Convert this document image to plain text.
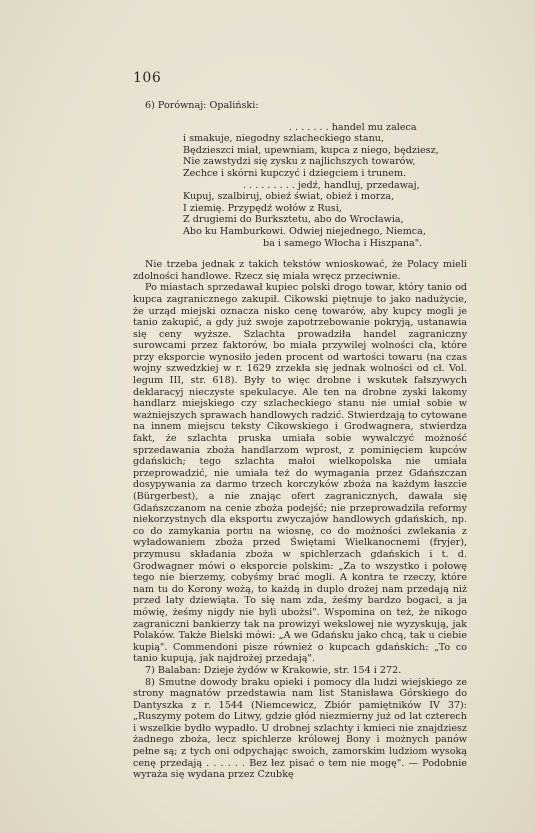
106

6) Porównaj: Opaliński:

. . . . . . . handel mu zaleca
i smakuje, niegodny szlacheckiego stanu,
Będzieszci miał, upewniam, kupca z niego, będziesz,
Nie zawstydzi się zysku z najlichszych towarów,
Zechce i skórni kupczyć i dziegciem i trunem.
. . . . . . . . . jedź, handluj, przedawaj,
Kupuj, szalbiruj, obieź świat, obieź i morza,
I ziemię. Przypędź wołów z Rusi,
Z drugiemi do Burksztetu, abo do Wrocławia,
Abo ku Hamburkowi. Odwiej niejednego, Niemca,
ba i samego Włocha i Hiszpana".

Nie trzeba jednak z takich tekstów wnioskować, że Polacy mieli zdolności handlowe. Rzecz się miała wręcz przeciwnie.

Po miastach sprzedawał kupiec polski drogo towar, który tanio od kupca zagranicznego zakupił. Cikowski piętnuje to jako nadużycie, że urząd miejski oznacza nisko cenę towarów, aby kupcy mogli je tanio zakupić, a gdy już swoje zapotrzebowanie pokryją, ustanawia się ceny wyższe. Szlachta prowadziła handel zagraniczny surowcami przez faktorów, bo miała przywilej wolności cła, które przy eksporcie wynosiło jeden procent od wartości towaru (na czas wojny szwedzkiej w r. 1629 zrzekła się jednak wolności od cł. Vol. legum III, str. 618). Były to więc drobne i wskutek fałszywych deklaracyj nieczyste spekulacye. Ale ten na drobne zyski łakomy handlarz miejskiego czy szlacheckiego stanu nie umiał sobie w ważniejszych sprawach handlowych radzić. Stwierdzają to cytowane na innem miejscu teksty Cikowskiego i Grodwagnera, stwierdza fakt, że szlachta pruska umiała sobie wywalczyć możność sprzedawania zboża handlarzom wprost, z pominięciem kupców gdańskich; tego szlachta małoi wielkopolska nie umiała przeprowadzić, nie umiała też do wymagania przez Gdańszczan dosypywania za darmo trzech korczyków zboża na każdym łaszcie (Bürgerbest), a nie znając ofert zagranicznych, dawała się Gdańszczanom na cenie zboża podejść; nie przeprowadziła reformy niekorzystnych dla eksportu zwyczajów handlowych gdańskich, np. co do zamykania portu na wiosnę, co do możności zwlekania z wyładowaniem zboża przed Świętami Wielkanocnemi (fryjer), przymusu składania zboża w spichlerzach gdańskich i t. d. Grodwagner mówi o eksporcie polskim: „Za to wszystko i połowę tego nie bierzemy, cobyśmy brać mogli. A kontra te rzeczy, które nam tu do Korony wożą, to każdą in duplo drożej nam przedają niż przed laty dziewiąta. To się nam zda, żeśmy bardzo bogaci, a ja mówię, żeśmy nigdy nie byli ubożsi". Wspomina on też, że nikogo zagraniczni bankierzy tak na prowizyi wekslowej nie wyzyskują, jak Polaków. Także Bielski mówi: „A we Gdańsku jako chcą, tak u ciebie kupią". Commendoni pisze również o kupcach gdańskich: „To co tanio kupują, jak najdrożej przedają".

7) Balaban: Dzieje żydów w Krakowie, str. 154 i 272.

8) Smutne dowody braku opieki i pomocy dla ludzi wiejskiego ze strony magnatów przedstawia nam list Stanisława Górskiego do Dantyszka z r. 1544 (Niemcewicz, Zbiór pamiętników IV 37): „Ruszymy potem do Litwy, gdzie głód niezmierny już od lat czterech i wszelkie bydło wypadło. U drobnej szlachty i kmieci nie znajdziesz żadnego zboża, lecz spichlerze królowej Bony i możnych panów pełne są; z tych oni odpychając swoich, zamorskim ludziom wysoką cenę przedają . . . . . . Bez łez pisać o tem nie mogę". — Podobnie wyraża się wydana przez Czubkę
